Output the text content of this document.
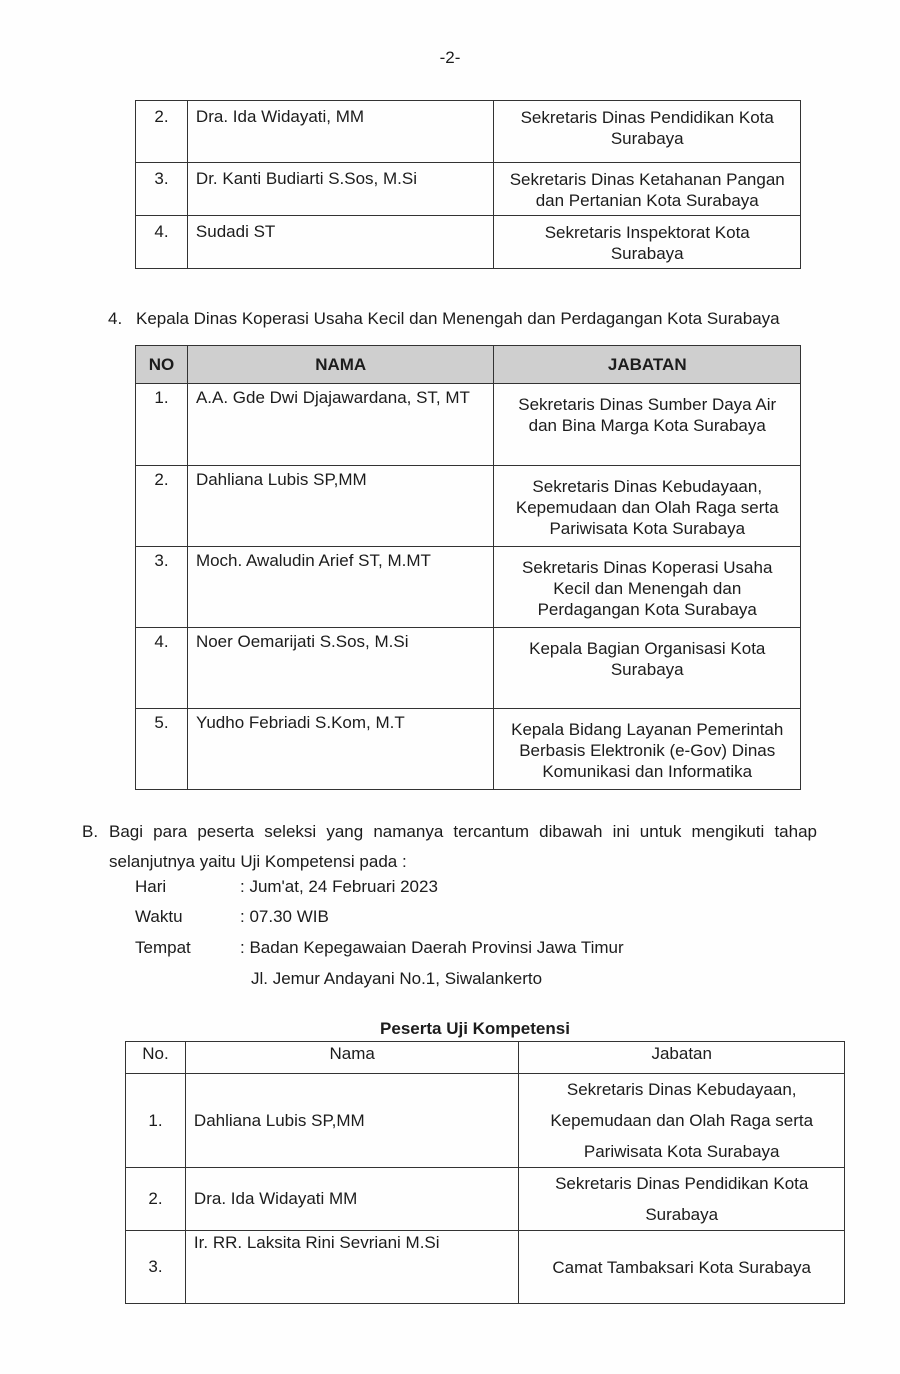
-2-
2.	Dra. Ida Widayati, MM	Sekretaris Dinas Pendidikan Kota
Surabaya

3.	Dr. Kanti Budiarti S.Sos, M.Si	Sekretaris Dinas Ketahanan Pangan
dan Pertanian Kota Surabaya

4.	Sudadi ST	Sekretaris Inspektorat Kota
Surabaya
4. Kepala Dinas Koperasi Usaha Kecil dan Menengah dan Perdagangan Kota Surabaya
NO	NAMA	JABATAN
1.	A.A. Gde Dwi Djajawardana, ST, MT	Sekretaris Dinas Sumber Daya Air
dan Bina Marga Kota Surabaya

2.	Dahliana Lubis SP,MM	Sekretaris Dinas Kebudayaan,
Kepemudaan dan Olah Raga serta
Pariwisata Kota Surabaya

3.	Moch. Awaludin Arief ST, M.MT	Sekretaris Dinas Koperasi Usaha
Kecil dan Menengah dan
Perdagangan Kota Surabaya

4.	Noer Oemarijati S.Sos, M.Si	Kepala Bagian Organisasi Kota
Surabaya

5.	Yudho Febriadi S.Kom, M.T	Kepala Bidang Layanan Pemerintah
Berbasis Elektronik (e-Gov) Dinas
Komunikasi dan Informatika
B. Bagi para peserta seleksi yang namanya tercantum dibawah ini untuk mengikuti tahap selanjutnya yaitu Uji Kompetensi pada :
Hari	: Jum'at, 24 Februari 2023
Waktu	: 07.30 WIB
Tempat	: Badan Kepegawaian Daerah Provinsi Jawa Timur
Jl. Jemur Andayani No.1, Siwalankerto
Peserta Uji Kompetensi
No.	Nama	Jabatan
1.	Dahliana Lubis SP,MM	Sekretaris Dinas Kebudayaan,
Kepemudaan dan Olah Raga serta
Pariwisata Kota Surabaya

2.	Dra. Ida Widayati MM	Sekretaris Dinas Pendidikan Kota
Surabaya

3.	Ir. RR. Laksita Rini Sevriani M.Si	Camat Tambaksari Kota Surabaya
